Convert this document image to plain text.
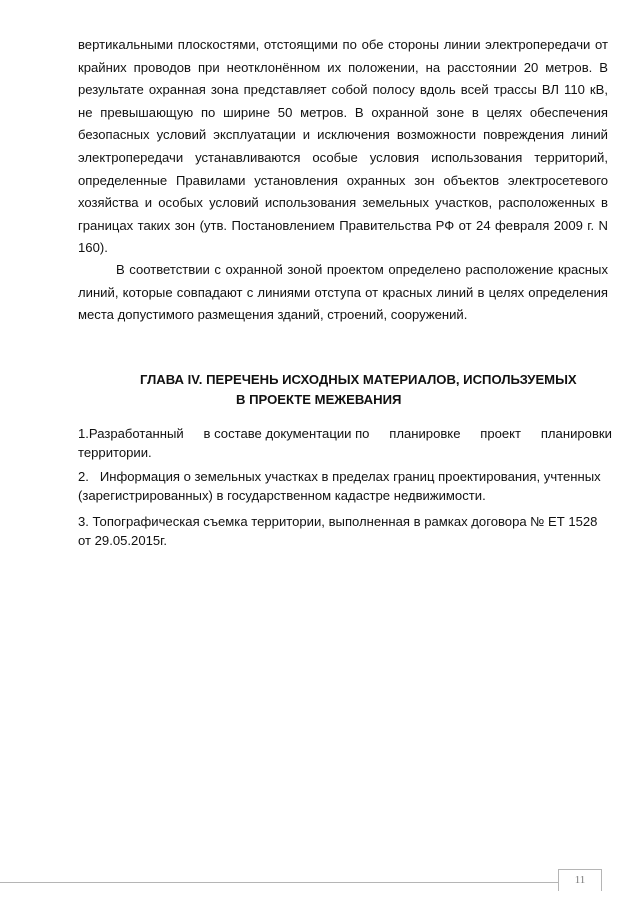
вертикальными плоскостями, отстоящими по обе стороны линии электропередачи от крайних проводов при неотклонённом их положении, на расстоянии 20 метров. В результате охранная зона представляет собой полосу вдоль всей трассы ВЛ 110 кВ, не превышающую по ширине 50 метров. В охранной зоне в целях обеспечения безопасных условий эксплуатации и исключения возможности повреждения линий электропередачи устанавливаются особые условия использования территорий, определенные Правилами установления охранных зон объектов электросетевого хозяйства и особых условий использования земельных участков, расположенных в границах таких зон (утв. Постановлением Правительства РФ от 24 февраля 2009 г. N 160).

В соответствии с охранной зоной проектом определено расположение красных линий, которые совпадают с линиями отступа от красных линий в целях определения места допустимого размещения зданий, строений, сооружений.

ГЛАВА IV. ПЕРЕЧЕНЬ ИСХОДНЫХ МАТЕРИАЛОВ, ИСПОЛЬЗУЕМЫХ

В ПРОЕКТЕ МЕЖЕВАНИЯ

1.Разработанный в составе документации по планировке проект планировки
территории.

2.   Информация о земельных участках в пределах границ проектирования, учтенных (зарегистрированных) в государственном кадастре недвижимости.

3. Топографическая съемка территории, выполненная в рамках договора № ЕТ 1528 от 29.05.2015г.

11
